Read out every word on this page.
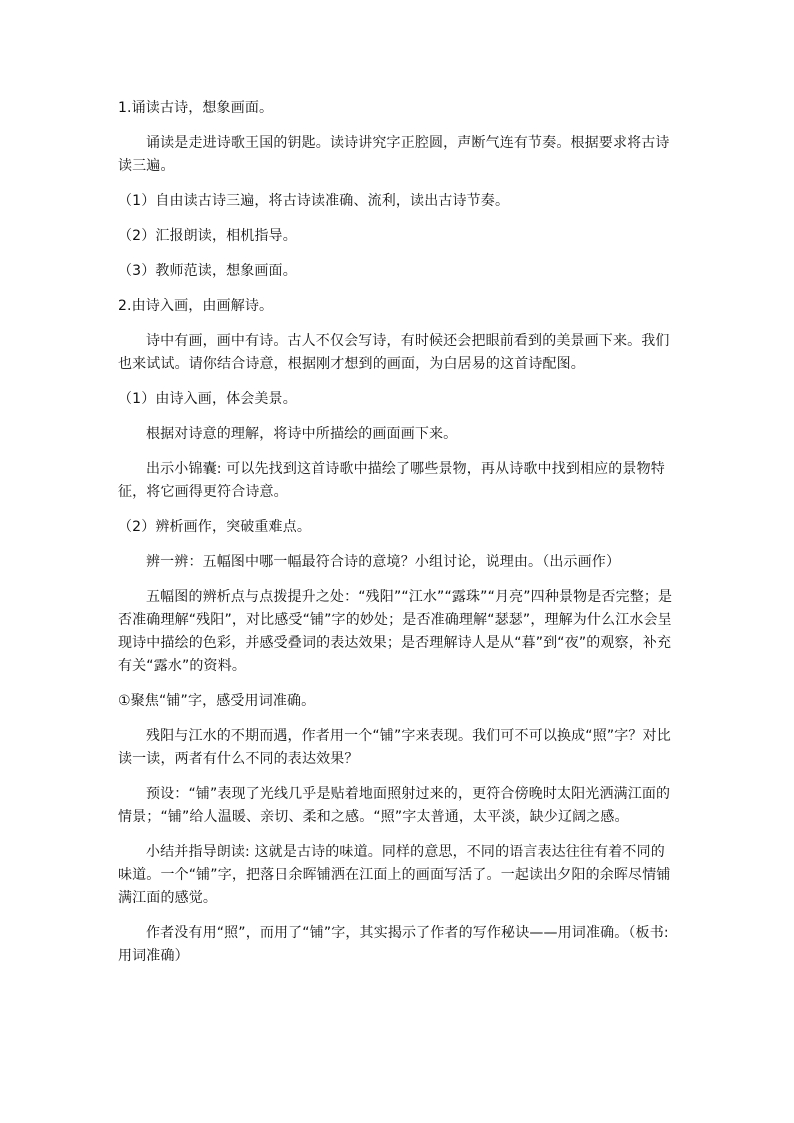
1.诵读古诗，想象画面。

诵读是走进诗歌王国的钥匙。读诗讲究字正腔圆，声断气连有节奏。根据要求将古诗读三遍。

（1）自由读古诗三遍，将古诗读准确、流利，读出古诗节奏。

（2）汇报朗读，相机指导。

（3）教师范读，想象画面。

2.由诗入画，由画解诗。

诗中有画，画中有诗。古人不仅会写诗，有时候还会把眼前看到的美景画下来。我们也来试试。请你结合诗意，根据刚才想到的画面，为白居易的这首诗配图。

（1）由诗入画，体会美景。

根据对诗意的理解，将诗中所描绘的画面画下来。

出示小锦囊: 可以先找到这首诗歌中描绘了哪些景物，再从诗歌中找到相应的景物特征，将它画得更符合诗意。

（2）辨析画作，突破重难点。

辨一辨：五幅图中哪一幅最符合诗的意境？小组讨论，说理由。（出示画作）

五幅图的辨析点与点拨提升之处：“残阳”“江水”“露珠”“月亮”四种景物是否完整；是否准确理解“残阳”，对比感受“铺”字的妙处；是否准确理解“瑟瑟”，理解为什么江水会呈现诗中描绘的色彩，并感受叠词的表达效果；是否理解诗人是从“暮”到“夜”的观察，补充有关“露水”的资料。

①聚焦“铺”字，感受用词准确。

残阳与江水的不期而遇，作者用一个“铺”字来表现。我们可不可以换成“照”字？对比读一读，两者有什么不同的表达效果？

预设：“铺”表现了光线几乎是贴着地面照射过来的，更符合傍晚时太阳光洒满江面的情景；“铺”给人温暖、亲切、柔和之感。“照”字太普通，太平淡，缺少辽阔之感。

小结并指导朗读: 这就是古诗的味道。同样的意思，不同的语言表达往往有着不同的味道。一个“铺”字，把落日余晖铺洒在江面上的画面写活了。一起读出夕阳的余晖尽情铺满江面的感觉。

作者没有用“照”，而用了“铺”字，其实揭示了作者的写作秘诀——用词准确。（板书: 用词准确）
